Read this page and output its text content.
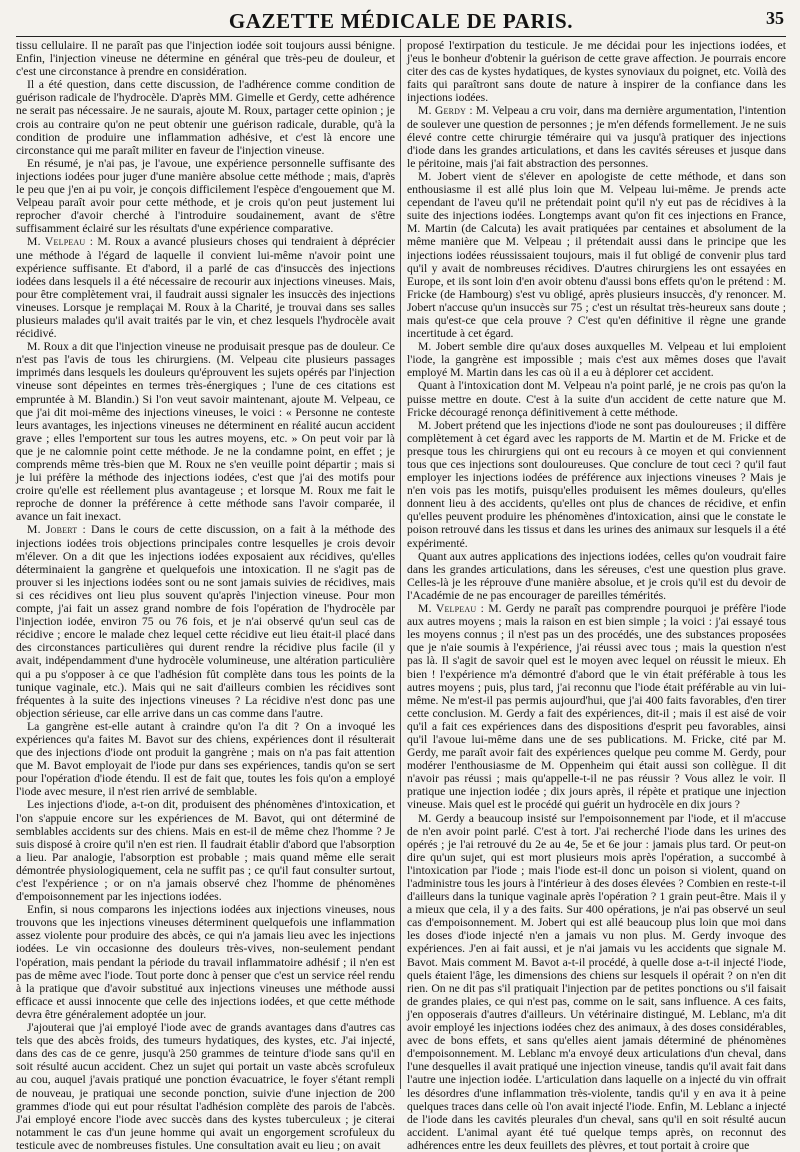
GAZETTE MÉDICALE DE PARIS.	35

tissu cellulaire. Il ne paraît pas que l'injection iodée soit toujours aussi bénigne. Enfin, l'injection vineuse ne détermine en général que très-peu de douleur, et c'est une circonstance à prendre en considération.

Il a été question, dans cette discussion, de l'adhérence comme condition de guérison radicale de l'hydrocèle. D'après MM. Gimelle et Gerdy, cette adhérence ne serait pas nécessaire. Je ne saurais, ajoute M. Roux, partager cette opinion ; je crois au contraire qu'on ne peut obtenir une guérison radicale, durable, qu'à la condition de produire une inflammation adhésive, et c'est là encore une circonstance qui me paraît militer en faveur de l'injection vineuse.

En résumé, je n'ai pas, je l'avoue, une expérience personnelle suffisante des injections iodées pour juger d'une manière absolue cette méthode ; mais, d'après le peu que j'en ai pu voir, je conçois difficilement l'espèce d'engouement que M. Velpeau paraît avoir pour cette méthode, et je crois qu'on peut justement lui reprocher d'avoir cherché à l'introduire soudainement, avant de s'être suffisamment éclairé sur les résultats d'une expérience comparative.

M. Velpeau : M. Roux a avancé plusieurs choses qui tendraient à déprécier une méthode à l'égard de laquelle il convient lui-même n'avoir point une expérience suffisante. Et d'abord, il a parlé de cas d'insuccès des injections iodées dans lesquels il a été nécessaire de recourir aux injections vineuses. Mais, pour être complètement vrai, il faudrait aussi signaler les insuccès des injections vineuses. Lorsque je remplaçai M. Roux à la Charité, je trouvai dans ses salles plusieurs malades qu'il avait traités par le vin, et chez lesquels l'hydrocèle avait récidivé.

M. Roux a dit que l'injection vineuse ne produisait presque pas de douleur. Ce n'est pas l'avis de tous les chirurgiens. (M. Velpeau cite plusieurs passages imprimés dans lesquels les douleurs qu'éprouvent les sujets opérés par l'injection vineuse sont dépeintes en termes très-énergiques ; l'une de ces citations est empruntée à M. Blandin.) Si l'on veut savoir maintenant, ajoute M. Velpeau, ce que j'ai dit moi-même des injections vineuses, le voici : « Personne ne conteste leurs avantages, les injections vineuses ne déterminent en réalité aucun accident grave ; elles l'emportent sur tous les autres moyens, etc. » On peut voir par là que je ne calomnie point cette méthode. Je ne la condamne point, en effet ; je comprends même très-bien que M. Roux ne s'en veuille point départir ; mais si je lui préfère la méthode des injections iodées, c'est que j'ai des motifs pour croire qu'elle est réellement plus avantageuse ; et lorsque M. Roux me fait le reproche de donner la préférence à cette méthode sans l'avoir comparée, il avance un fait inexact.

M. Jobert : Dans le cours de cette discussion, on a fait à la méthode des injections iodées trois objections principales contre lesquelles je crois devoir m'élever. On a dit que les injections iodées exposaient aux récidives, qu'elles déterminaient la gangrène et quelquefois une intoxication. Il ne s'agit pas de prouver si les injections iodées sont ou ne sont jamais suivies de récidives, mais si ces récidives ont lieu plus souvent qu'après l'injection vineuse. Pour mon compte, j'ai fait un assez grand nombre de fois l'opération de l'hydrocèle par l'injection iodée, environ 75 ou 76 fois, et je n'ai observé qu'un seul cas de récidive ; encore le malade chez lequel cette récidive eut lieu était-il placé dans des circonstances particulières qui durent rendre la récidive plus facile (il y avait, indépendamment d'une hydrocèle volumineuse, une altération particulière qui a pu s'opposer à ce que l'adhésion fût complète dans tous les points de la tunique vaginale, etc.). Mais qui ne sait d'ailleurs combien les récidives sont fréquentes à la suite des injections vineuses ? La récidive n'est donc pas une objection sérieuse, car elle arrive dans un cas comme dans l'autre.

La gangrène est-elle autant à craindre qu'on l'a dit ? On a invoqué les expériences qu'a faites M. Bavot sur des chiens, expériences dont il résulterait que des injections d'iode ont produit la gangrène ; mais on n'a pas fait attention que M. Bavot employait de l'iode pur dans ses expériences, tandis qu'on se sert pour l'opération d'iode étendu. Il est de fait que, toutes les fois qu'on a employé l'iode avec mesure, il n'est rien arrivé de semblable.

Les injections d'iode, a-t-on dit, produisent des phénomènes d'intoxication, et l'on s'appuie encore sur les expériences de M. Bavot, qui ont déterminé de semblables accidents sur des chiens. Mais en est-il de même chez l'homme ? Je suis disposé à croire qu'il n'en est rien. Il faudrait établir d'abord que l'absorption a lieu. Par analogie, l'absorption est probable ; mais quand même elle serait démontrée physiologiquement, cela ne suffit pas ; ce qu'il faut consulter surtout, c'est l'expérience ; or on n'a jamais observé chez l'homme de phénomènes d'empoisonnement par les injections iodées.

Enfin, si nous comparons les injections iodées aux injections vineuses, nous trouvons que les injections vineuses déterminent quelquefois une inflammation assez violente pour produire des abcès, ce qui n'a jamais lieu avec les injections iodées. Le vin occasionne des douleurs très-vives, non-seulement pendant l'opération, mais pendant la période du travail inflammatoire adhésif ; il n'en est pas de même avec l'iode. Tout porte donc à penser que c'est un service réel rendu à la pratique que d'avoir substitué aux injections vineuses une méthode aussi efficace et aussi innocente que celle des injections iodées, et que cette méthode devra être généralement adoptée un jour.

J'ajouterai que j'ai employé l'iode avec de grands avantages dans d'autres cas tels que des abcès froids, des tumeurs hydatiques, des kystes, etc. J'ai injecté, dans des cas de ce genre, jusqu'à 250 grammes de teinture d'iode sans qu'il en soit résulté aucun accident. Chez un sujet qui portait un vaste abcès scrofuleux au cou, auquel j'avais pratiqué une ponction évacuatrice, le foyer s'étant rempli de nouveau, je pratiquai une seconde ponction, suivie d'une injection de 200 grammes d'iode qui eut pour résultat l'adhésion complète des parois de l'abcès. J'ai employé encore l'iode avec succès dans des kystes tuberculeux ; je citerai notamment le cas d'un jeune homme qui avait un engorgement scrofuleux du testicule avec de nombreuses fistules. Une consultation avait eu lieu ; on avait

proposé l'extirpation du testicule. Je me décidai pour les injections iodées, et j'eus le bonheur d'obtenir la guérison de cette grave affection. Je pourrais encore citer des cas de kystes hydatiques, de kystes synoviaux du poignet, etc. Voilà des faits qui paraîtront sans doute de nature à inspirer de la confiance dans les injections iodées.

M. Gerdy : M. Velpeau a cru voir, dans ma dernière argumentation, l'intention de soulever une question de personnes ; je m'en défends formellement. Je ne suis élevé contre cette chirurgie téméraire qui va jusqu'à pratiquer des injections d'iode dans les grandes articulations, et dans les cavités séreuses et jusque dans le péritoine, mais j'ai fait abstraction des personnes.

M. Jobert vient de s'élever en apologiste de cette méthode, et dans son enthousiasme il est allé plus loin que M. Velpeau lui-même. Je prends acte cependant de l'aveu qu'il ne prétendait point qu'il n'y eut pas de récidives à la suite des injections iodées. Longtemps avant qu'on fit ces injections en France, M. Martin (de Calcuta) les avait pratiquées par centaines et absolument de la même manière que M. Velpeau ; il prétendait aussi dans le principe que les injections iodées réussissaient toujours, mais il fut obligé de convenir plus tard qu'il y avait de nombreuses récidives. D'autres chirurgiens les ont essayées en Europe, et ils sont loin d'en avoir obtenu d'aussi bons effets qu'on le prétend : M. Fricke (de Hambourg) s'est vu obligé, après plusieurs insuccès, d'y renoncer. M. Jobert n'accuse qu'un insuccès sur 75 ; c'est un résultat très-heureux sans doute ; mais qu'est-ce que cela prouve ? C'est qu'en définitive il règne une grande incertitude à cet égard.

M. Jobert semble dire qu'aux doses auxquelles M. Velpeau et lui emploient l'iode, la gangrène est impossible ; mais c'est aux mêmes doses que l'avait employé M. Martin dans les cas où il a eu à déplorer cet accident.

Quant à l'intoxication dont M. Velpeau n'a point parlé, je ne crois pas qu'on la puisse mettre en doute. C'est à la suite d'un accident de cette nature que M. Fricke découragé renonça définitivement à cette méthode.

M. Jobert prétend que les injections d'iode ne sont pas douloureuses ; il diffère complètement à cet égard avec les rapports de M. Martin et de M. Fricke et de presque tous les chirurgiens qui ont eu recours à ce moyen et qui conviennent tous que ces injections sont douloureuses. Que conclure de tout ceci ? qu'il faut employer les injections iodées de préférence aux injections vineuses ? Mais je n'en vois pas les motifs, puisqu'elles produisent les mêmes douleurs, qu'elles donnent lieu à des accidents, qu'elles ont plus de chances de récidive, et enfin qu'elles peuvent produire les phénomènes d'intoxication, ainsi que le constate le poison retrouvé dans les tissus et dans les urines des animaux sur lesquels il a été expérimenté.

Quant aux autres applications des injections iodées, celles qu'on voudrait faire dans les grandes articulations, dans les séreuses, c'est une question plus grave. Celles-là je les réprouve d'une manière absolue, et je crois qu'il est du devoir de l'Académie de ne pas encourager de pareilles témérités.

M. Velpeau : M. Gerdy ne paraît pas comprendre pourquoi je préfère l'iode aux autres moyens ; mais la raison en est bien simple ; la voici : j'ai essayé tous les moyens connus ; il n'est pas un des procédés, une des substances proposées que je n'aie soumis à l'expérience, j'ai réussi avec tous ; mais la question n'est pas là. Il s'agit de savoir quel est le moyen avec lequel on réussit le mieux. Eh bien ! l'expérience m'a démontré d'abord que le vin était préférable à tous les autres moyens ; puis, plus tard, j'ai reconnu que l'iode était préférable au vin lui-même. Ne m'est-il pas permis aujourd'hui, que j'ai 400 faits favorables, d'en tirer cette conclusion. M. Gerdy a fait des expériences, dit-il ; mais il est aisé de voir qu'il a fait ces expériences dans des dispositions d'esprit peu favorables, ainsi qu'il l'avoue lui-même dans une de ses publications. M. Fricke, cité par M. Gerdy, me paraît avoir fait des expériences quelque peu comme M. Gerdy, pour modérer l'enthousiasme de M. Oppenheim qui était aussi son collègue. Il dit n'avoir pas réussi ; mais qu'appelle-t-il ne pas réussir ? Vous allez le voir. Il pratique une injection iodée ; dix jours après, il répète et pratique une injection vineuse. Mais quel est le procédé qui guérit un hydrocèle en dix jours ?

M. Gerdy a beaucoup insisté sur l'empoisonnement par l'iode, et il m'accuse de n'en avoir point parlé. C'est à tort. J'ai recherché l'iode dans les urines des opérés ; je l'ai retrouvé du 2e au 4e, 5e et 6e jour : jamais plus tard. Or peut-on dire qu'un sujet, qui est mort plusieurs mois après l'opération, a succombé à l'intoxication par l'iode ; mais l'iode est-il donc un poison si violent, quand on l'administre tous les jours à l'intérieur à des doses élevées ? Combien en reste-t-il d'ailleurs dans la tunique vaginale après l'opération ? 1 grain peut-être. Mais il y a mieux que cela, il y a des faits. Sur 400 opérations, je n'ai pas observé un seul cas d'empoisonnement. M. Jobert qui est allé beaucoup plus loin que moi dans les doses d'iode injecté n'en a jamais vu non plus. M. Gerdy invoque des expériences. J'en ai fait aussi, et je n'ai jamais vu les accidents que signale M. Bavot. Mais comment M. Bavot a-t-il procédé, à quelle dose a-t-il injecté l'iode, quels étaient l'âge, les dimensions des chiens sur lesquels il opérait ? on n'en dit rien. On ne dit pas s'il pratiquait l'injection par de petites ponctions ou s'il faisait de grandes plaies, ce qui n'est pas, comme on le sait, sans influence. A ces faits, j'en opposerais d'autres d'ailleurs. Un vétérinaire distingué, M. Leblanc, m'a dit avoir employé les injections iodées chez des animaux, à des doses considérables, avec de bons effets, et sans qu'elles aient jamais déterminé de phénomènes d'empoisonnement. M. Leblanc m'a envoyé deux articulations d'un cheval, dans l'une desquelles il avait pratiqué une injection vineuse, tandis qu'il avait fait dans l'autre une injection iodée. L'articulation dans laquelle on a injecté du vin offrait les désordres d'une inflammation très-violente, tandis qu'il y en ava it à peine quelques traces dans celle où l'on avait injecté l'iode. Enfin, M. Leblanc a injecté de l'iode dans les cavités pleurales d'un cheval, sans qu'il en soit résulté aucun accident. L'animal ayant été tué quelque temps après, on reconnut des adhérences entre les deux feuillets des plèvres, et tout portait à croire que
